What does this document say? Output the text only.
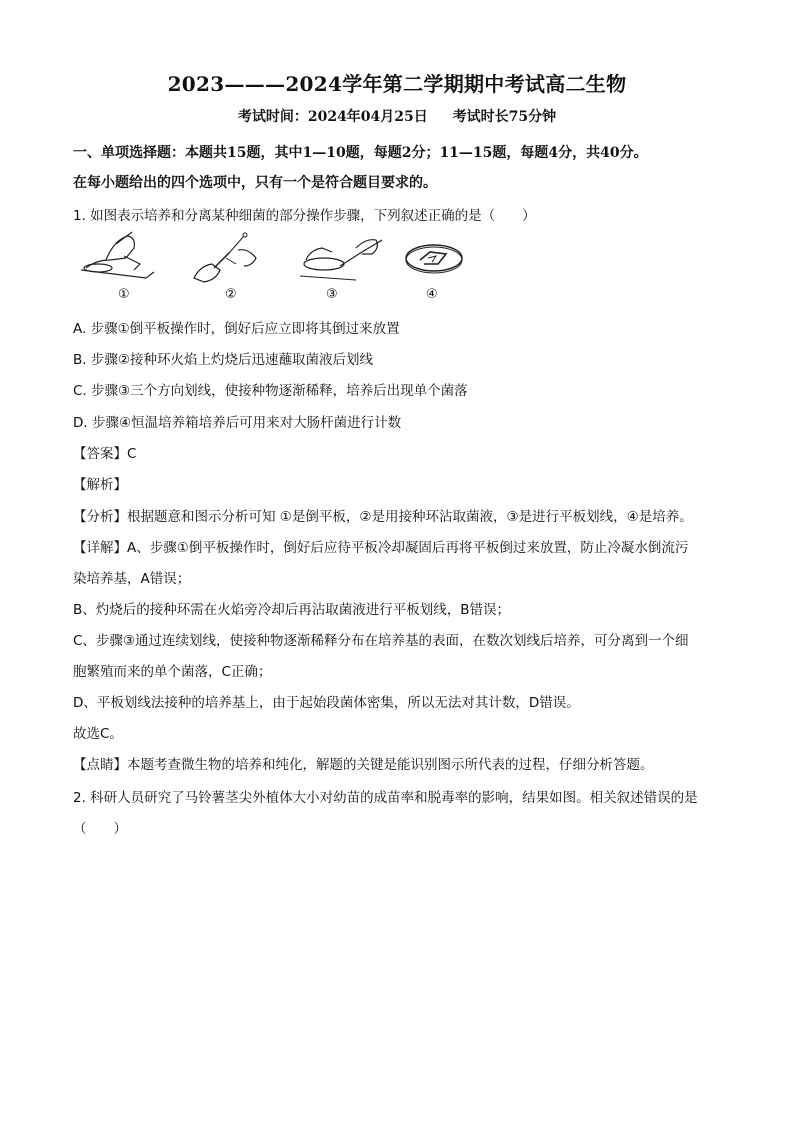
2023———2024学年第二学期期中考试高二生物
考试时间：2024年04月25日 考试时长75分钟
一、单项选择题：本题共15题，其中1—10题，每题2分；11—15题，每题4分，共40分。
在每小题给出的四个选项中，只有一个是符合题目要求的。
1. 如图表示培养和分离某种细菌的部分操作步骤，下列叙述正确的是（　　）
①	②	③	④
A. 步骤①倒平板操作时，倒好后应立即将其倒过来放置
B. 步骤②接种环火焰上灼烧后迅速蘸取菌液后划线
C. 步骤③三个方向划线，使接种物逐渐稀释，培养后出现单个菌落
D. 步骤④恒温培养箱培养后可用来对大肠杆菌进行计数
【答案】C
【解析】
【分析】根据题意和图示分析可知 ①是倒平板，②是用接种环沾取菌液，③是进行平板划线，④是培养。
【详解】A、步骤①倒平板操作时，倒好后应待平板冷却凝固后再将平板倒过来放置，防止冷凝水倒流污
染培养基，A错误；
B、灼烧后的接种环需在火焰旁冷却后再沾取菌液进行平板划线，B错误；
C、步骤③通过连续划线，使接种物逐渐稀释分布在培养基的表面，在数次划线后培养，可分离到一个细
胞繁殖而来的单个菌落，C正确；
D、平板划线法接种的培养基上，由于起始段菌体密集，所以无法对其计数，D错误。
故选C。
【点睛】本题考查微生物的培养和纯化，解题的关键是能识别图示所代表的过程，仔细分析答题。
2. 科研人员研究了马铃薯茎尖外植体大小对幼苗的成苗率和脱毒率的影响，结果如图。相关叙述错误的是
（　　）
